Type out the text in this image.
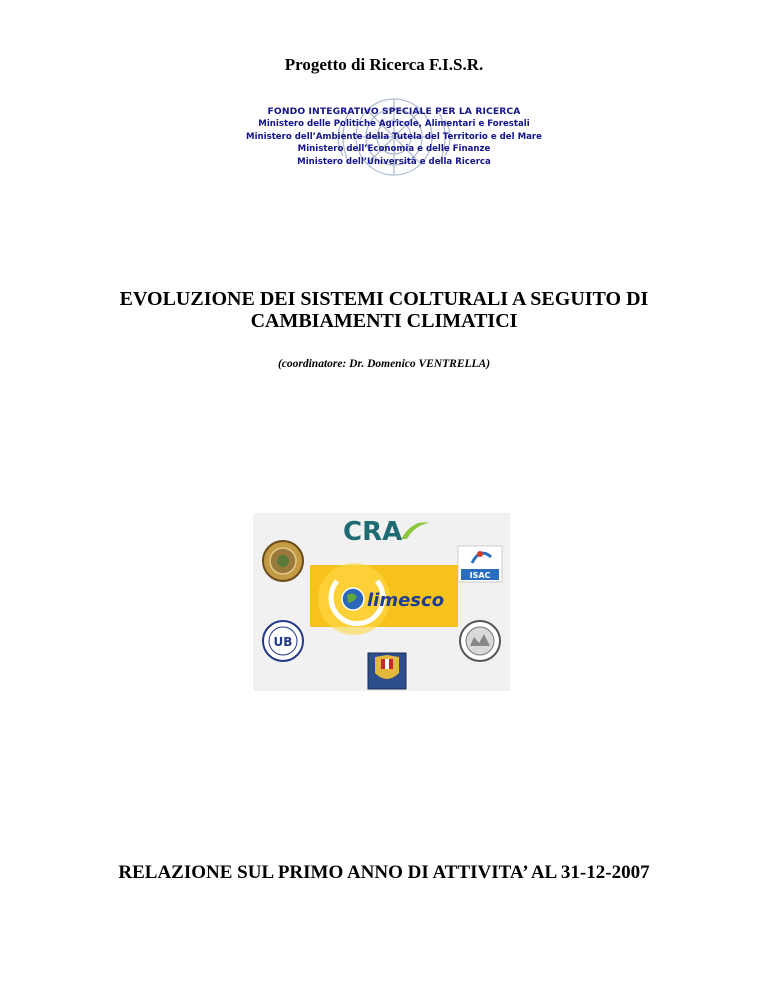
Progetto di Ricerca F.I.S.R.
FONDO INTEGRATIVO SPECIALE PER LA RICERCA
Ministero delle Politiche Agricole, Alimentari e Forestali
Ministero dell’Ambiente della Tutela del Territorio e del Mare
Ministero dell’Economia e delle Finanze
Ministero dell’Università e della Ricerca
EVOLUZIONE DEI SISTEMI COLTURALI A SEGUITO DI
CAMBIAMENTI CLIMATICI
(coordinatore: Dr. Domenico VENTRELLA)
CRA
ISAC
limesco
UB
RELAZIONE SUL PRIMO ANNO DI ATTIVITA’ AL 31-12-2007
